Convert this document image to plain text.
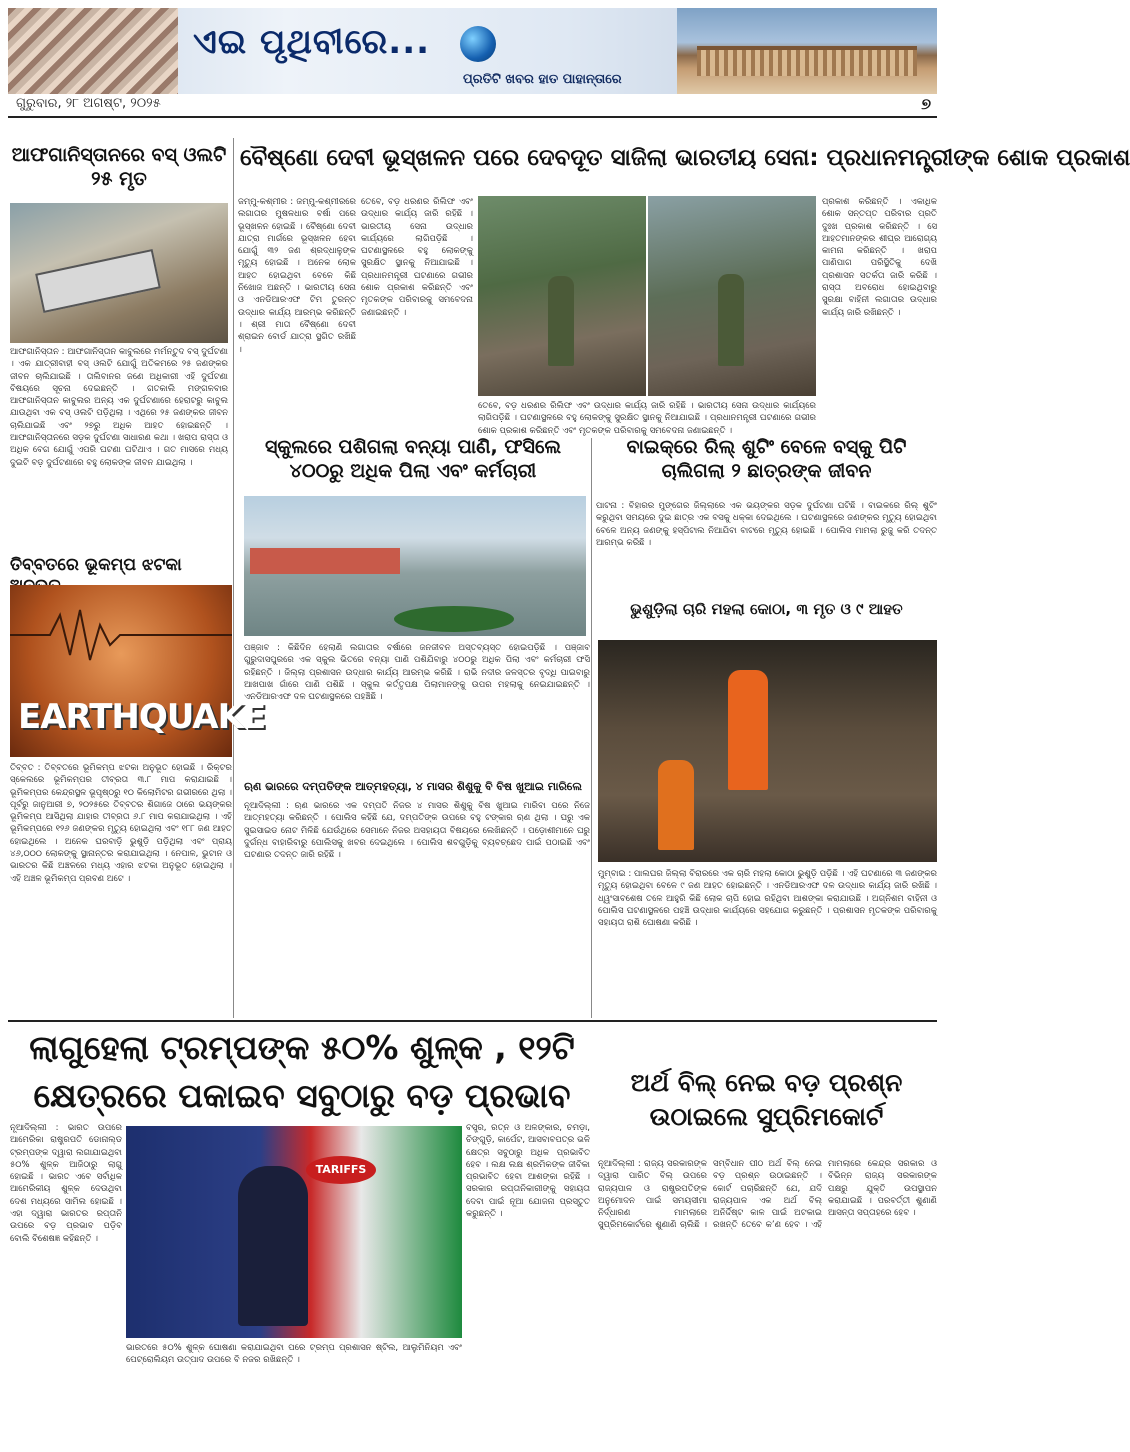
ଏଇ ପୃଥିବୀରେ...
ପ୍ରତିଟି ଖବର ହାତ ପାହାନ୍ତାରେ
ଗୁରୁବାର, ୨୮ ଅଗଷ୍ଟ, ୨୦୨୫	୭
ଆଫଗାନିସ୍ତାନରେ ବସ୍ ଓଲଟି ୨୫ ମୃତ
ଆଫଗାନିସ୍ତାନ : ଆଫଗାନିସ୍ତାନ କାବୁଲରେ ମର୍ମନ୍ତୁଦ ବସ୍ ଦୁର୍ଘଟଣା । ଏକ ଯାତ୍ରୀବାହୀ ବସ୍ ଓଲଟି ଯୋଗୁଁ ଅତିକମରେ ୨୫ ଜଣଙ୍କର ଜୀବନ ଚାଲିଯାଇଛି । ତାଲିବାନର ଜଣେ ଅଧିକାରୀ ଏହି ଦୁର୍ଘଟଣା ବିଷୟରେ ସୂଚନା ଦେଇଛନ୍ତି । ଗତକାଲି ମଙ୍ଗଳବାର ଆଫଗାନିସ୍ତାନ କାବୁଲର ଅନ୍ୟ ଏକ ଦୁର୍ଘଟଣାରେ ହେରାଟରୁ କାବୁଲ ଯାଉଥିବା ଏକ ବସ୍ ଓଲଟି ପଡ଼ିଥିଲା । ଏଥିରେ ୨୫ ଜଣଙ୍କର ଜୀବନ ଚାଲିଯାଇଛି ଏବଂ ୨୭ରୁ ଅଧିକ ଆହତ ହୋଇଛନ୍ତି । ଆଫଗାନିସ୍ତାନରେ ସଡ଼କ ଦୁର୍ଘଟଣା ସାଧାରଣ କଥା । ଖରାପ ରାସ୍ତା ଓ ଅଧିକ ବେଗ ଯୋଗୁଁ ଏପରି ଘଟଣା ଘଟିଥାଏ । ଗତ ମାସରେ ମଧ୍ୟ ଦୁଇଟି ବଡ଼ ଦୁର୍ଘଟଣାରେ ବହୁ ଲୋକଙ୍କ ଜୀବନ ଯାଇଥିଲା ।
ତିବ୍ବତରେ ଭୂକମ୍ପ ଝଟକା
EARTHQUAKE
ତିବ୍ବତ : ତିବ୍ବତରେ ଭୂମିକମ୍ପ ଝଟକା ଅନୁଭୂତ ହୋଇଛି । ରିକ୍ଟର ସ୍କେଲରେ ଭୂମିକମ୍ପର ତୀବ୍ରତା ୩.୮ ମାପ କରାଯାଇଛି । ଭୂମିକମ୍ପର କେନ୍ଦ୍ରସ୍ଥଳ ଭୂପୃଷ୍ଠରୁ ୧୦ କିଲୋମିଟର ଗଭୀରରେ ଥିଲା । ପୂର୍ବରୁ ଜାନୁଆରୀ ୭, ୨୦୨୫ରେ ତିବ୍ବତର ଶିଗାଜେ ଠାରେ ଭୟଙ୍କର ଭୂମିକମ୍ପ ଆସିଥିଲା ଯାହାର ତୀବ୍ରତା ୬.୮ ମାପ କରାଯାଇଥିଲା । ଏହି ଭୂମିକମ୍ପରେ ୧୨୬ ଜଣଙ୍କର ମୃତ୍ୟୁ ହୋଇଥିଲା ଏବଂ ୧୮୮ ଜଣ ଆହତ ହୋଇଥିଲେ । ଅନେକ ଘରବାଡ଼ି ଭୁଶୁଡ଼ି ପଡ଼ିଥିଲା ଏବଂ ପ୍ରାୟ ୪୬,୦୦୦ ଲୋକଙ୍କୁ ସ୍ଥାନାନ୍ତର କରାଯାଇଥିଲା । ନେପାଳ, ଭୁଟାନ ଓ ଭାରତର କିଛି ଅଞ୍ଚଳରେ ମଧ୍ୟ ଏହାର ଝଟକା ଅନୁଭୂତ ହୋଇଥିଲା । ଏହି ଅଞ୍ଚଳ ଭୂମିକମ୍ପ ପ୍ରବଣ ଅଟେ ।
ବୈଷ୍ଣୋ ଦେବୀ ଭୂସ୍ଖଳନ ପରେ ଦେବଦୂତ ସାଜିଲା ଭାରତୀୟ ସେନା: ପ୍ରଧାନମନ୍ତ୍ରୀଙ୍କ ଶୋକ ପ୍ରକାଶ
ଜମ୍ମୁ-କଶ୍ମୀର : ଜମ୍ମୁ-କଶ୍ମୀରରେ ଲଗାତାର ମୁଷଳଧାର ବର୍ଷା ପରେ ଭୂସ୍ଖଳନ ହୋଇଛି । ବୈଷ୍ଣୋ ଦେବୀ ଯାତ୍ରା ମାର୍ଗରେ ଭୂସ୍ଖଳନ ହେବା ଯୋଗୁଁ ୩୨ ଜଣ ଶ୍ରଦ୍ଧାଳୁଙ୍କ ମୃତ୍ୟୁ ହୋଇଛି । ଅନେକ ଲୋକ ଆହତ ହୋଇଥିବା ବେଳେ କିଛି ନିଖୋଜ ଅଛନ୍ତି । ଭାରତୀୟ ସେନା ଓ ଏନଡିଆରଏଫ ଟିମ ତୁରନ୍ତ ଉଦ୍ଧାର କାର୍ଯ୍ୟ ଆରମ୍ଭ କରିଛନ୍ତି । ଶ୍ରୀ ମାତା ବୈଷ୍ଣୋ ଦେବୀ ଶ୍ରାଇନ ବୋର୍ଡ ଯାତ୍ରା ସ୍ଥଗିତ ରଖିଛି ।
ତେବେ, ବଡ଼ ଧରଣର ରିଲିଫ ଏବଂ ଉଦ୍ଧାର କାର୍ଯ୍ୟ ଜାରି ରହିଛି । ଭାରତୀୟ ସେନା ଉଦ୍ଧାର କାର୍ଯ୍ୟରେ ଲାଗିପଡ଼ିଛି । ଘଟଣାସ୍ଥଳରେ ବହୁ ଲୋକଙ୍କୁ ସୁରକ୍ଷିତ ସ୍ଥାନକୁ ନିଆଯାଇଛି । ପ୍ରଧାନମନ୍ତ୍ରୀ ଘଟଣାରେ ଗଭୀର ଶୋକ ପ୍ରକାଶ କରିଛନ୍ତି ଏବଂ ମୃତକଙ୍କ ପରିବାରକୁ ସମବେଦନା ଜଣାଇଛନ୍ତି ।
ତେବେ, ବଡ଼ ଧରଣର ରିଲିଫ ଏବଂ ଉଦ୍ଧାର କାର୍ଯ୍ୟ ଜାରି ରହିଛି । ଭାରତୀୟ ସେନା ଉଦ୍ଧାର କାର୍ଯ୍ୟରେ ଲାଗିପଡ଼ିଛି । ଘଟଣାସ୍ଥଳରେ ବହୁ ଲୋକଙ୍କୁ ସୁରକ୍ଷିତ ସ୍ଥାନକୁ ନିଆଯାଇଛି । ପ୍ରଧାନମନ୍ତ୍ରୀ ଘଟଣାରେ ଗଭୀର ଶୋକ ପ୍ରକାଶ କରିଛନ୍ତି ଏବଂ ମୃତକଙ୍କ ପରିବାରକୁ ସମବେଦନା ଜଣାଇଛନ୍ତି ।
ପ୍ରକାଶ କରିଛନ୍ତି । ଏକାଧିକ ଶୋକ ସନ୍ତପ୍ତ ପରିବାର ପ୍ରତି ଦୁଃଖ ପ୍ରକାଶ କରିଛନ୍ତି । ସେ ଆହତମାନଙ୍କର ଶୀଘ୍ର ଆରୋଗ୍ୟ କାମନା କରିଛନ୍ତି । ଖରାପ ପାଣିପାଗ ପରିସ୍ଥିତିକୁ ଦେଖି ପ୍ରଶାସନ ସତର୍କତା ଜାରି କରିଛି । ରାସ୍ତା ଅବରୋଧ ହୋଇଥିବାରୁ ସୁରକ୍ଷା ବାହିନୀ ଲଗାତାର ଉଦ୍ଧାର କାର୍ଯ୍ୟ ଜାରି ରଖିଛନ୍ତି ।
ସ୍କୁଲରେ ପଶିଗଲା ବନ୍ୟା ପାଣି, ଫସିଲେ ୪୦୦ରୁ ଅଧିକ ପିଲା ଏବଂ କର୍ମଚାରୀ
ପଞ୍ଜାବ : କିଛିଦିନ ହେଲାଣି ଲଗାତାର ବର୍ଷାରେ ଜନଜୀବନ ଅସ୍ତବ୍ୟସ୍ତ ହୋଇପଡ଼ିଛି । ପଞ୍ଜାବ ଗୁରୁଦାସପୁରରେ ଏକ ସ୍କୁଲ ଭିତରେ ବନ୍ୟା ପାଣି ପଶିଯିବାରୁ ୪୦୦ରୁ ଅଧିକ ପିଲା ଏବଂ କର୍ମଚାରୀ ଫସି ରହିଛନ୍ତି । ଜିଲ୍ଲା ପ୍ରଶାସନ ଉଦ୍ଧାର କାର୍ଯ୍ୟ ଆରମ୍ଭ କରିଛି । ରାଭି ନଦୀର ଜଳସ୍ତର ବୃଦ୍ଧି ପାଇବାରୁ ଆଖପାଖ ଗାଁରେ ପାଣି ପଶିଛି । ସ୍କୁଲ କର୍ତ୍ତୃପକ୍ଷ ପିଲାମାନଙ୍କୁ ଉପର ମହଲାକୁ ନେଇଯାଇଛନ୍ତି । ଏନଡିଆରଏଫ ଦଳ ଘଟଣାସ୍ଥଳରେ ପହଞ୍ଚିଛି ।
ଋଣ ଭାରରେ ଦମ୍ପତିଙ୍କ ଆତ୍ମହତ୍ୟା, ୪ ମାସର ଶିଶୁକୁ ବି ବିଷ ଖୁଆଇ ମାରିଲେ
ନୂଆଦିଲ୍ଲୀ : ଋଣ ଭାରରେ ଏକ ଦମ୍ପତି ନିଜର ୪ ମାସର ଶିଶୁକୁ ବିଷ ଖୁଆଇ ମାରିବା ପରେ ନିଜେ ଆତ୍ମହତ୍ୟା କରିଛନ୍ତି । ପୋଲିସ କହିଛି ଯେ, ଦମ୍ପତିଙ୍କ ଉପରେ ବହୁ ଟଙ୍କାର ଋଣ ଥିଲା । ଘରୁ ଏକ ସୁଇସାଇଡ ନୋଟ ମିଳିଛି ଯେଉଁଥିରେ ସେମାନେ ନିଜର ଅସହାୟତା ବିଷୟରେ ଲେଖିଛନ୍ତି । ପଡ଼ୋଶୀମାନେ ଘରୁ ଦୁର୍ଗନ୍ଧ ବାହାରିବାରୁ ପୋଲିସକୁ ଖବର ଦେଇଥିଲେ । ପୋଲିସ ଶବଗୁଡ଼ିକୁ ବ୍ୟବଚ୍ଛେଦ ପାଇଁ ପଠାଇଛି ଏବଂ ଘଟଣାର ତଦନ୍ତ ଜାରି ରହିଛି ।
ବାଇକ୍‌ରେ ରିଲ୍ ଶୁଟିଂ ବେଳେ ବସ୍‌କୁ ପିଟି ଚାଲିଗଲା ୨ ଛାତ୍ରଙ୍କ ଜୀବନ
ପାଟନା : ବିହାରର ମୁଙ୍ଗେର ଜିଲ୍ଲାରେ ଏକ ଭୟଙ୍କର ସଡ଼କ ଦୁର୍ଘଟଣା ଘଟିଛି । ବାଇକରେ ରିଲ୍ ଶୁଟିଂ କରୁଥିବା ସମୟରେ ଦୁଇ ଛାତ୍ର ଏକ ବସକୁ ଧକ୍କା ଦେଇଥିଲେ । ଘଟଣାସ୍ଥଳରେ ଜଣଙ୍କର ମୃତ୍ୟୁ ହୋଇଥିବା ବେଳେ ଅନ୍ୟ ଜଣଙ୍କୁ ହସ୍ପିଟାଲ ନିଆଯିବା ବାଟରେ ମୃତ୍ୟୁ ହୋଇଛି । ପୋଲିସ ମାମଲା ରୁଜୁ କରି ତଦନ୍ତ ଆରମ୍ଭ କରିଛି ।
ଭୁଶୁଡ଼ିଲା ଚାରି ମହଲା କୋଠା, ୩ ମୃତ ଓ ୯ ଆହତ
ମୁମ୍ବାଇ : ପାଲଘର ଜିଲ୍ଲା ବିରାରରେ ଏକ ଚାରି ମହଲା କୋଠା ଭୁଶୁଡ଼ି ପଡ଼ିଛି । ଏହି ଘଟଣାରେ ୩ ଜଣଙ୍କର ମୃତ୍ୟୁ ହୋଇଥିବା ବେଳେ ୯ ଜଣ ଆହତ ହୋଇଛନ୍ତି । ଏନଡିଆରଏଫ ଦଳ ଉଦ୍ଧାର କାର୍ଯ୍ୟ ଜାରି ରଖିଛି । ଧ୍ୱଂସାବଶେଷ ତଳେ ଆହୁରି କିଛି ଲୋକ ଚାପି ହୋଇ ରହିଥିବା ଆଶଙ୍କା କରାଯାଉଛି । ଅଗ୍ନିଶମ ବାହିନୀ ଓ ପୋଲିସ ଘଟଣାସ୍ଥଳରେ ପହଞ୍ଚି ଉଦ୍ଧାର କାର୍ଯ୍ୟରେ ସହଯୋଗ କରୁଛନ୍ତି । ପ୍ରଶାସନ ମୃତକଙ୍କ ପରିବାରକୁ ସହାୟତା ରାଶି ଘୋଷଣା କରିଛି ।
ଲାଗୁହେଲା ଟ୍ରମ୍ପଙ୍କ ୫୦% ଶୁଳ୍କ , ୧୨ଟି କ୍ଷେତ୍ରରେ ପକାଇବ ସବୁଠାରୁ ବଡ଼ ପ୍ରଭାବ
ନୂଆଦିଲ୍ଲୀ : ଭାରତ ଉପରେ ଆମେରିକା ରାଷ୍ଟ୍ରପତି ଡୋନାଲ୍ଡ ଟ୍ରମ୍ପଙ୍କ ଦ୍ୱାରା ଲଗାଯାଇଥିବା ୫୦% ଶୁଳ୍କ ଆଜିଠାରୁ ଲାଗୁ ହୋଇଛି । ଭାରତ ଏବେ ସର୍ବାଧିକ ଆମେରିକୀୟ ଶୁଳ୍କ ଦେଉଥିବା ଦେଶ ମଧ୍ୟରେ ସାମିଲ ହୋଇଛି । ଏହା ଦ୍ୱାରା ଭାରତର ରପ୍ତାନି ଉପରେ ବଡ଼ ପ୍ରଭାବ ପଡ଼ିବ ବୋଲି ବିଶେଷଜ୍ଞ କହିଛନ୍ତି ।
TARIFFS
ଭାରତରେ ୫୦% ଶୁଳ୍କ ଘୋଷଣା କରାଯାଇଥିବା ପରେ ଟ୍ରମ୍ପ ପ୍ରଶାସନ ଷ୍ଟିଲ, ଆଲୁମିନିୟମ ଏବଂ ପେଟ୍ରୋଲିୟମ ଉତ୍ପାଦ ଉପରେ ବି ନଜର ରଖିଛନ୍ତି ।
ବସ୍ତ୍ର, ରତ୍ନ ଓ ଅଳଙ୍କାର, ଚମଡ଼ା, ଚିଙ୍ଗୁଡ଼ି, କାର୍ପେଟ, ଆସବାବପତ୍ର ଭଳି କ୍ଷେତ୍ର ସବୁଠାରୁ ଅଧିକ ପ୍ରଭାବିତ ହେବ । ଲକ୍ଷ ଲକ୍ଷ ଶ୍ରମିକଙ୍କ ଜୀବିକା ପ୍ରଭାବିତ ହେବା ଆଶଙ୍କା ରହିଛି । ସରକାର ରପ୍ତାନିକାରୀଙ୍କୁ ସହାୟତା ଦେବା ପାଇଁ ନୂଆ ଯୋଜନା ପ୍ରସ୍ତୁତ କରୁଛନ୍ତି ।
ଅର୍ଥ ବିଲ୍ ନେଇ ବଡ଼ ପ୍ରଶ୍ନ ଉଠାଇଲେ ସୁପ୍ରିମକୋର୍ଟ
ନୂଆଦିଲ୍ଲୀ : ରାଜ୍ୟ ସରକାରଙ୍କ ଦ୍ୱାରା ପାରିତ ବିଲ୍ ଉପରେ ରାଜ୍ୟପାଳ ଓ ରାଷ୍ଟ୍ରପତିଙ୍କ ଅନୁମୋଦନ ପାଇଁ ସମୟସୀମା ନିର୍ଦ୍ଧାରଣ ମାମଲାରେ ସୁପ୍ରିମକୋର୍ଟରେ ଶୁଣାଣି ଚାଲିଛି । ସମ୍ବିଧାନ ପୀଠ ଅର୍ଥ ବିଲ୍ ନେଇ ବଡ଼ ପ୍ରଶ୍ନ ଉଠାଇଛନ୍ତି । କୋର୍ଟ ପଚାରିଛନ୍ତି ଯେ, ଯଦି ରାଜ୍ୟପାଳ ଏକ ଅର୍ଥ ବିଲ୍ ଅନିର୍ଦ୍ଦିଷ୍ଟ କାଳ ପାଇଁ ଅଟକାଇ ରଖନ୍ତି ତେବେ କ’ଣ ହେବ । ଏହି ମାମଲାରେ କେନ୍ଦ୍ର ସରକାର ଓ ବିଭିନ୍ନ ରାଜ୍ୟ ସରକାରଙ୍କ ପକ୍ଷରୁ ଯୁକ୍ତି ଉପସ୍ଥାପନ କରାଯାଇଛି । ପରବର୍ତ୍ତୀ ଶୁଣାଣି ଆସନ୍ତା ସପ୍ତାହରେ ହେବ ।
